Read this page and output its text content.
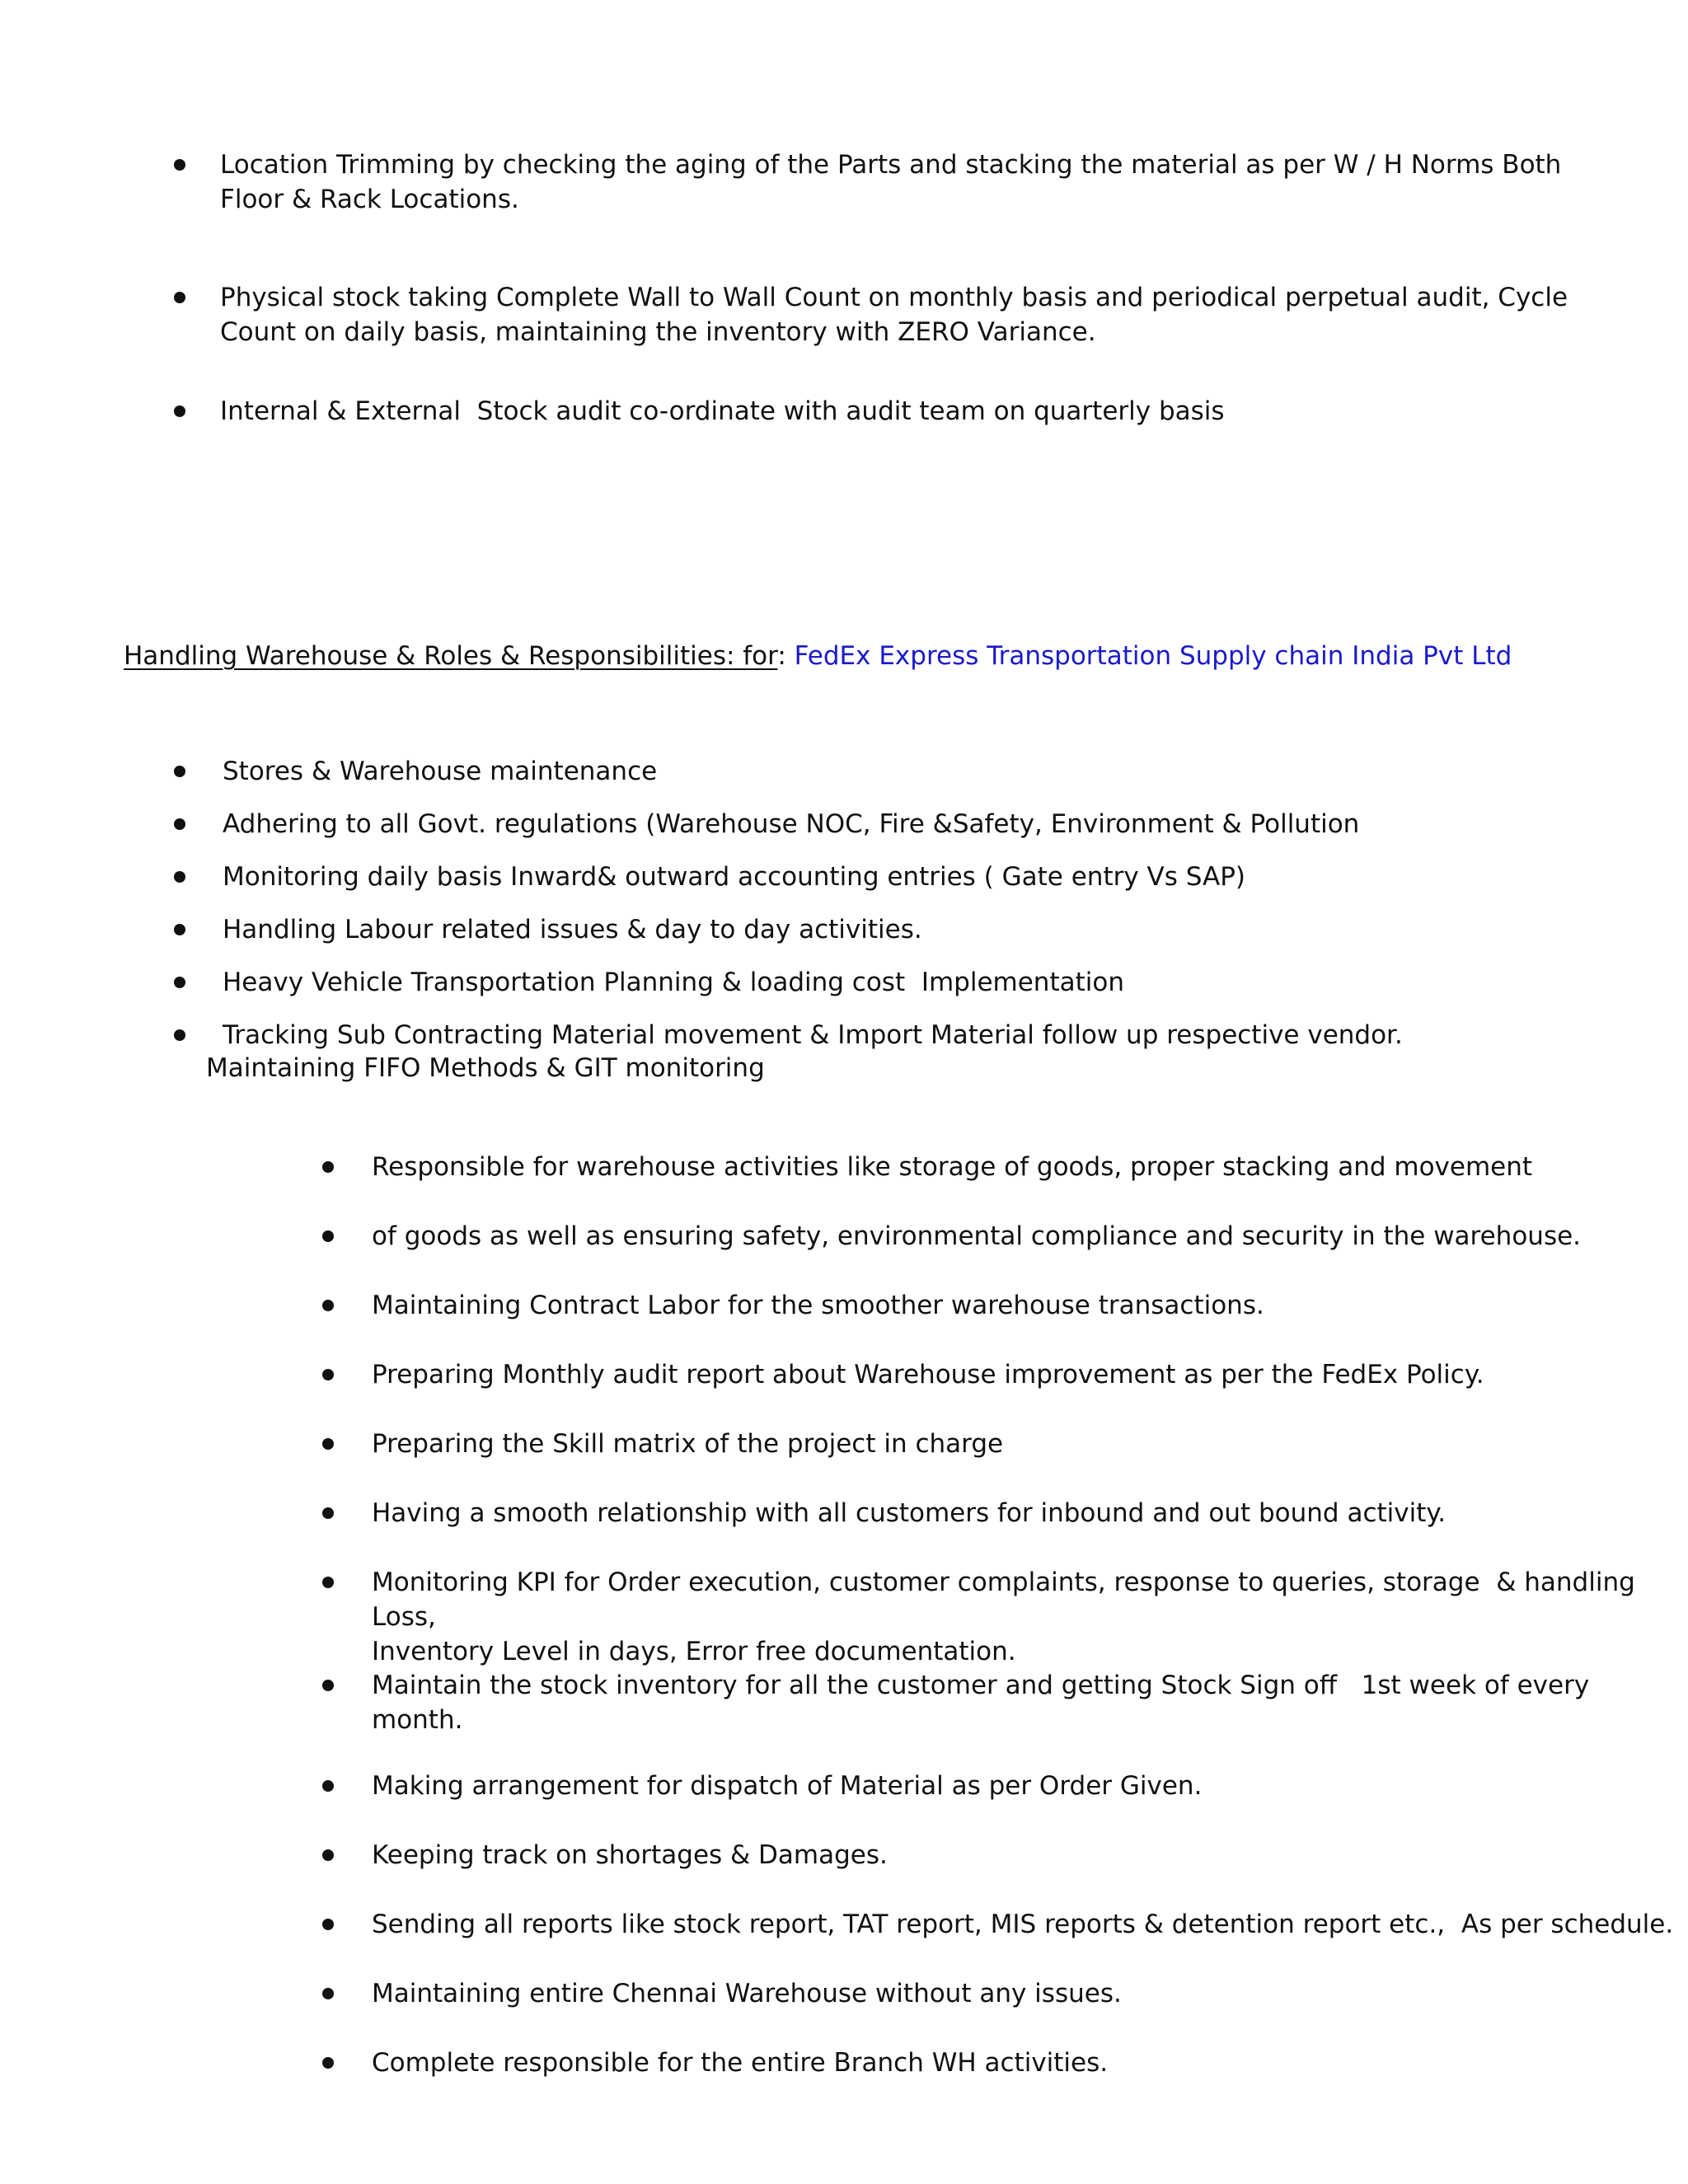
Location Trimming by checking the aging of the Parts and stacking the material as per W / H Norms Both
Floor & Rack Locations.

Physical stock taking Complete Wall to Wall Count on monthly basis and periodical perpetual audit, Cycle
Count on daily basis, maintaining the inventory with ZERO Variance.

Internal & External  Stock audit co-ordinate with audit team on quarterly basis

Handling Warehouse & Roles & Responsibilities: for: FedEx Express Transportation Supply chain India Pvt Ltd

Stores & Warehouse maintenance

Adhering to all Govt. regulations (Warehouse NOC, Fire &Safety, Environment & Pollution

Monitoring daily basis Inward& outward accounting entries ( Gate entry Vs SAP)

Handling Labour related issues & day to day activities.

Heavy Vehicle Transportation Planning & loading cost  Implementation

Tracking Sub Contracting Material movement & Import Material follow up respective vendor.

Maintaining FIFO Methods & GIT monitoring

Responsible for warehouse activities like storage of goods, proper stacking and movement

of goods as well as ensuring safety, environmental compliance and security in the warehouse.

Maintaining Contract Labor for the smoother warehouse transactions.

Preparing Monthly audit report about Warehouse improvement as per the FedEx Policy.

Preparing the Skill matrix of the project in charge

Having a smooth relationship with all customers for inbound and out bound activity.

Monitoring KPI for Order execution, customer complaints, response to queries, storage  & handling Loss,
Inventory Level in days, Error free documentation.

Maintain the stock inventory for all the customer and getting Stock Sign off   1st week of every
month.

Making arrangement for dispatch of Material as per Order Given.

Keeping track on shortages & Damages.

Sending all reports like stock report, TAT report, MIS reports & detention report etc.,  As per schedule.

Maintaining entire Chennai Warehouse without any issues.

Complete responsible for the entire Branch WH activities.
